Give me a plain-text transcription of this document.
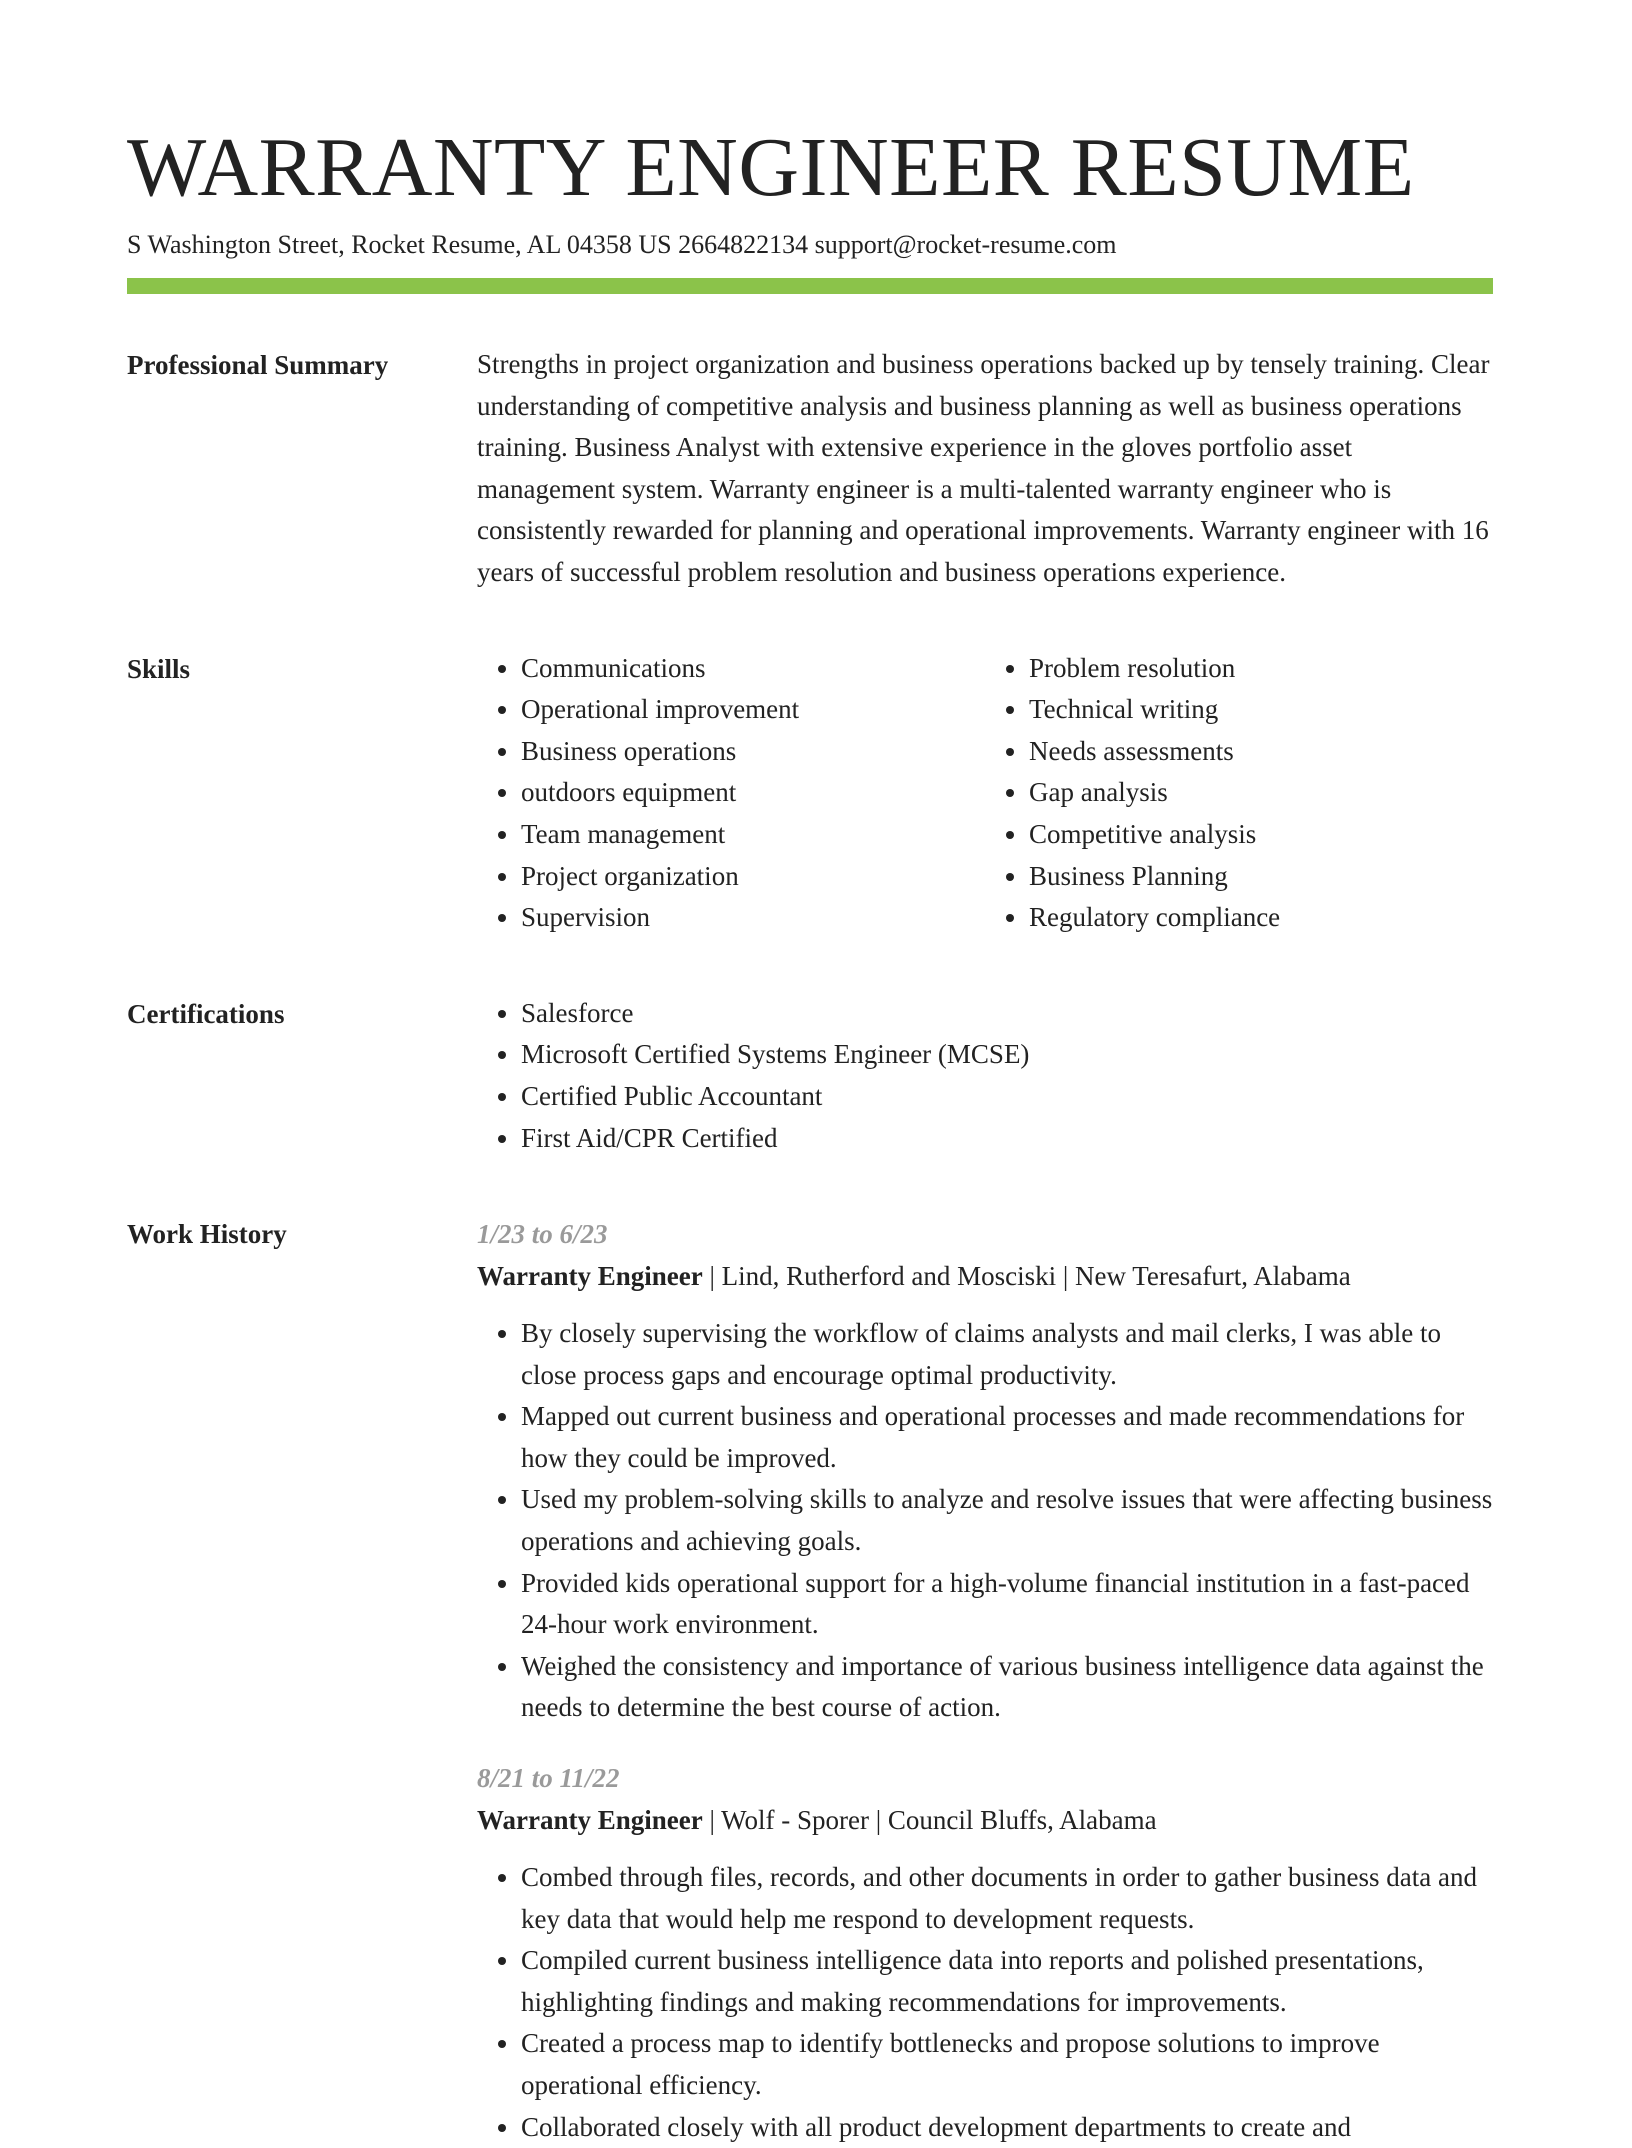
WARRANTY ENGINEER RESUME
S Washington Street, Rocket Resume, AL 04358 US 2664822134 support@rocket-resume.com
Professional Summary	Strengths in project organization and business operations backed up by tensely training. Clear understanding of competitive analysis and business planning as well as business operations training. Business Analyst with extensive experience in the gloves portfolio asset management system. Warranty engineer is a multi-talented warranty engineer who is consistently rewarded for planning and operational improvements. Warranty engineer with 16 years of successful problem resolution and business operations experience.

Skills	• Communications
• Operational improvement
• Business operations
• outdoors equipment
• Team management
• Project organization
• Supervision
• Problem resolution
• Technical writing
• Needs assessments
• Gap analysis
• Competitive analysis
• Business Planning
• Regulatory compliance
Certifications	• Salesforce
• Microsoft Certified Systems Engineer (MCSE)
• Certified Public Accountant
• First Aid/CPR Certified
Work History	1/23 to 6/23
Warranty Engineer | Lind, Rutherford and Mosciski | New Teresafurt, Alabama
• By closely supervising the workflow of claims analysts and mail clerks, I was able to close process gaps and encourage optimal productivity.
• Mapped out current business and operational processes and made recommendations for how they could be improved.
• Used my problem-solving skills to analyze and resolve issues that were affecting business operations and achieving goals.
• Provided kids operational support for a high-volume financial institution in a fast-paced 24-hour work environment.
• Weighed the consistency and importance of various business intelligence data against the needs to determine the best course of action.
8/21 to 11/22
Warranty Engineer | Wolf - Sporer | Council Bluffs, Alabama
• Combed through files, records, and other documents in order to gather business data and key data that would help me respond to development requests.
• Compiled current business intelligence data into reports and polished presentations, highlighting findings and making recommendations for improvements.
• Created a process map to identify bottlenecks and propose solutions to improve operational efficiency.
• Collaborated closely with all product development departments to create and
